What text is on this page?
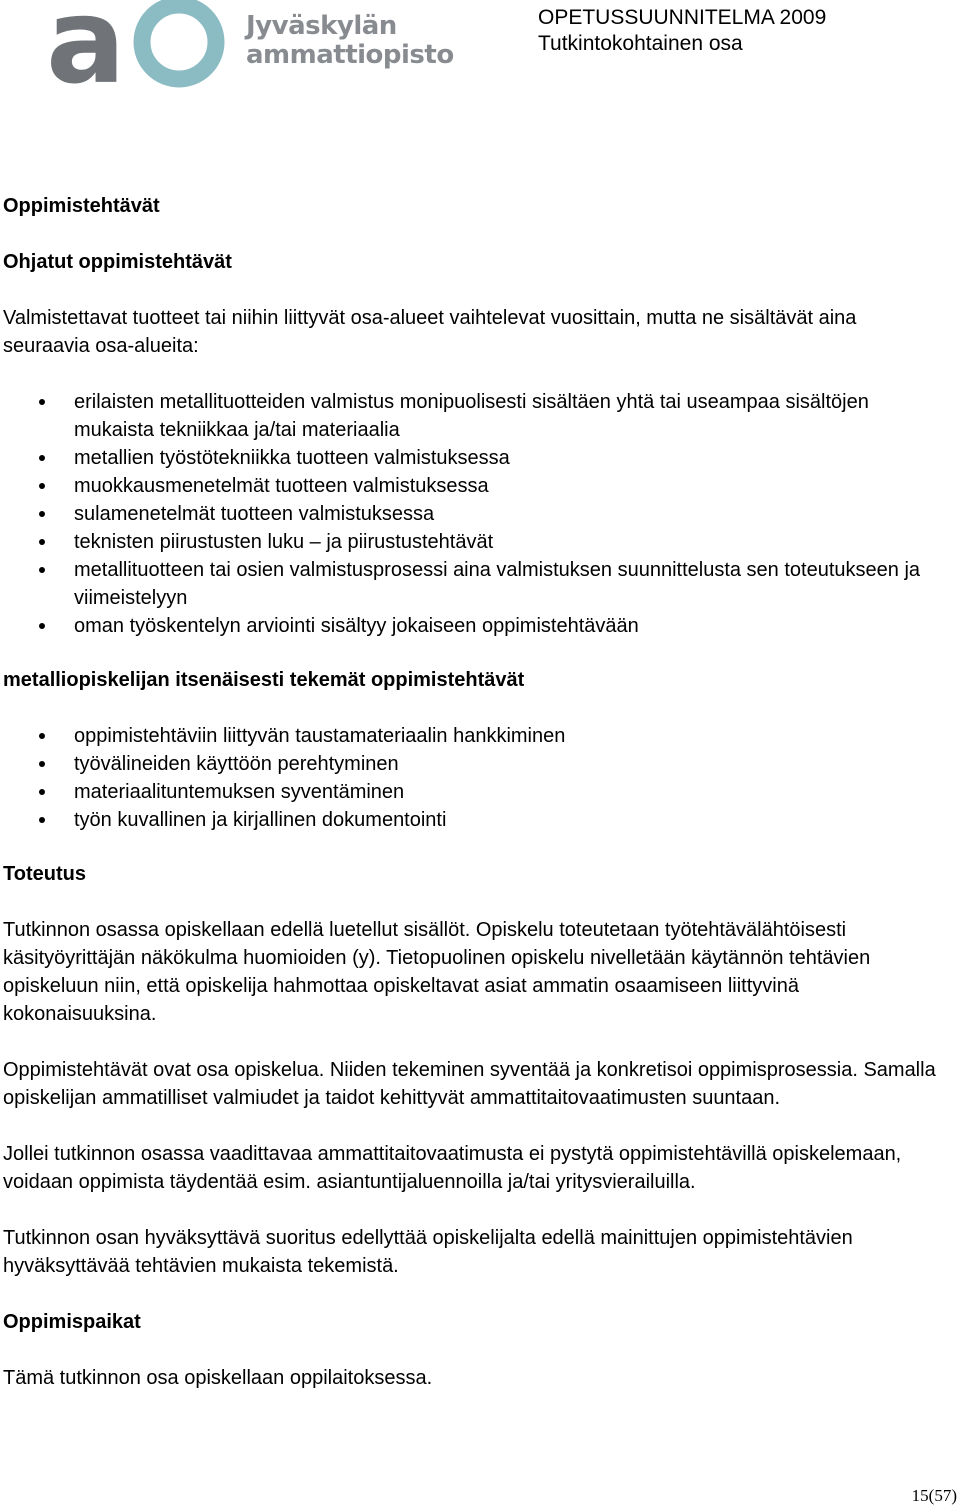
a	Jyväskylän
ammattiopisto
OPETUSSUUNNITELMA 2009
Tutkintokohtainen osa

Oppimistehtävät

Ohjatut oppimistehtävät

Valmistettavat tuotteet tai niihin liittyvät osa-alueet vaihtelevat vuosittain, mutta ne sisältävät aina seuraavia osa-alueita:

erilaisten metallituotteiden valmistus monipuolisesti sisältäen yhtä tai useampaa sisältöjen mukaista tekniikkaa ja/tai materiaalia
metallien työstötekniikka tuotteen valmistuksessa
muokkausmenetelmät tuotteen valmistuksessa
sulamenetelmät tuotteen valmistuksessa
teknisten piirustusten luku – ja piirustustehtävät
metallituotteen tai osien valmistusprosessi aina valmistuksen suunnittelusta sen toteutukseen ja viimeistelyyn
oman työskentelyn arviointi sisältyy jokaiseen oppimistehtävään

metalliopiskelijan itsenäisesti tekemät oppimistehtävät

oppimistehtäviin liittyvän taustamateriaalin hankkiminen
työvälineiden käyttöön perehtyminen
materiaalituntemuksen syventäminen
työn kuvallinen ja kirjallinen dokumentointi

Toteutus

Tutkinnon osassa opiskellaan edellä luetellut sisällöt. Opiskelu toteutetaan työtehtävälähtöisesti käsityöyrittäjän näkökulma huomioiden (y). Tietopuolinen opiskelu nivelletään käytännön tehtävien opiskeluun niin, että opiskelija hahmottaa opiskeltavat asiat ammatin osaamiseen liittyvinä kokonaisuuksina.

Oppimistehtävät ovat osa opiskelua. Niiden tekeminen syventää ja konkretisoi oppimisprosessia. Samalla opiskelijan ammatilliset valmiudet ja taidot kehittyvät ammattitaitovaatimusten suuntaan.

Jollei tutkinnon osassa vaadittavaa ammattitaitovaatimusta ei pystytä oppimistehtävillä opiskelemaan, voidaan oppimista täydentää esim. asiantuntijaluennoilla ja/tai yritysvierailuilla.

Tutkinnon osan hyväksyttävä suoritus edellyttää opiskelijalta edellä mainittujen oppimistehtävien hyväksyttävää tehtävien mukaista tekemistä.

Oppimispaikat

Tämä tutkinnon osa opiskellaan oppilaitoksessa.

15(57)
